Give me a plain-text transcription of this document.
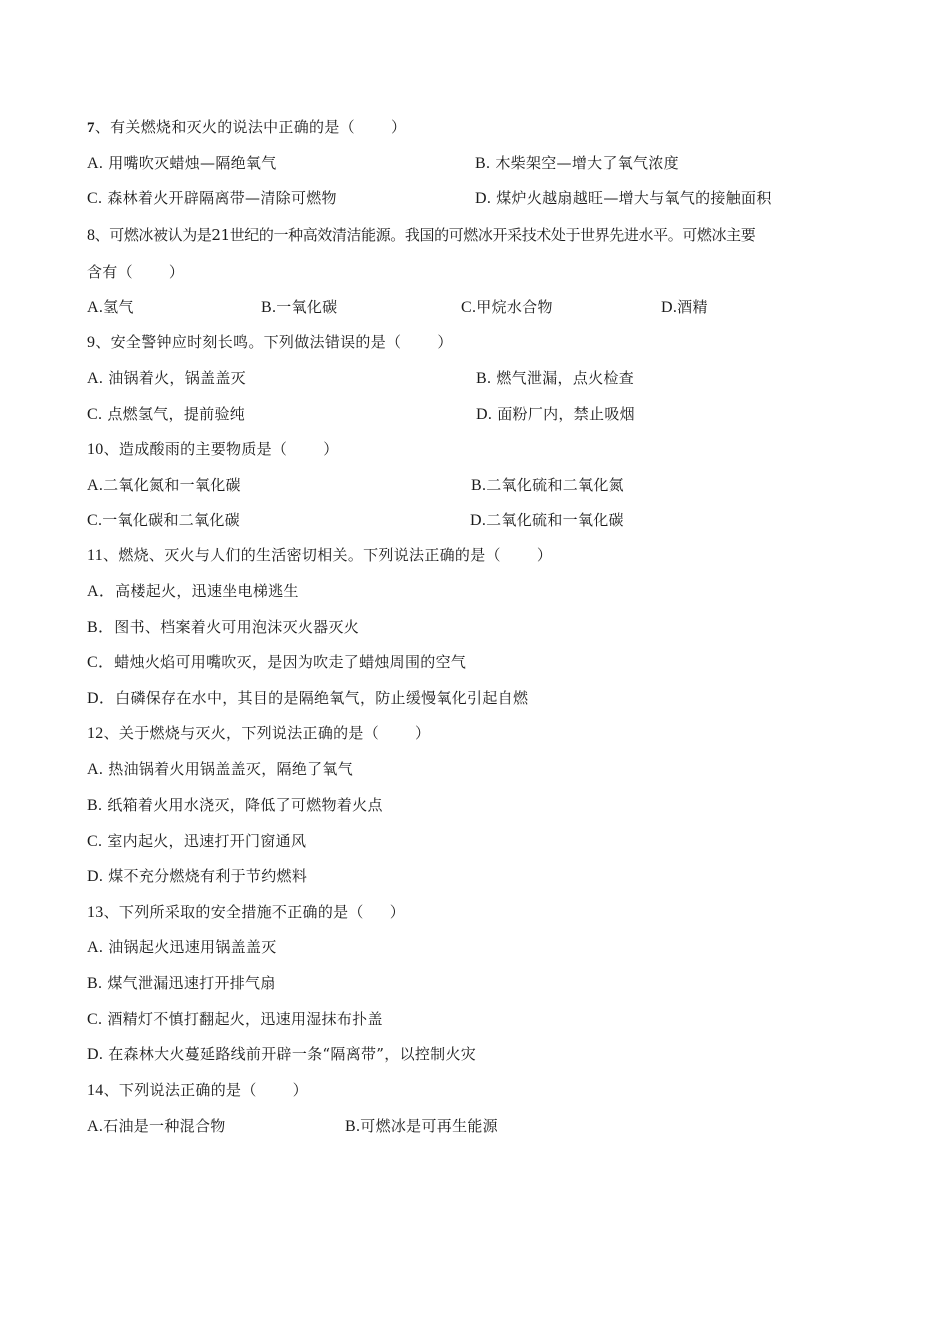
7、有关燃烧和灭火的说法中正确的是（ ）
A. 用嘴吹灭蜡烛—隔绝氧气	B. 木柴架空—增大了氧气浓度
C. 森林着火开辟隔离带—清除可燃物	D. 煤炉火越扇越旺—增大与氧气的接触面积
8、可燃冰被认为是21世纪的一种高效清洁能源。我国的可燃冰开采技术处于世界先进水平。可燃冰主要
含有（ ）
A.氢气	B.一氧化碳	C.甲烷水合物	D.酒精
9、安全警钟应时刻长鸣。下列做法错误的是（ ）
A. 油锅着火，锅盖盖灭	B. 燃气泄漏，点火检查
C. 点燃氢气，提前验纯	D. 面粉厂内，禁止吸烟
10、造成酸雨的主要物质是（ ）
A.二氧化氮和一氧化碳	B.二氧化硫和二氧化氮
C.一氧化碳和二氧化碳	D.二氧化硫和一氧化碳
11、燃烧、灭火与人们的生活密切相关。下列说法正确的是（ ）
A．高楼起火，迅速坐电梯逃生
B．图书、档案着火可用泡沫灭火器灭火
C．蜡烛火焰可用嘴吹灭，是因为吹走了蜡烛周围的空气
D．白磷保存在水中，其目的是隔绝氧气，防止缓慢氧化引起自燃
12、关于燃烧与灭火，下列说法正确的是（ ）
A. 热油锅着火用锅盖盖灭，隔绝了氧气
B. 纸箱着火用水浇灭，降低了可燃物着火点
C. 室内起火，迅速打开门窗通风
D. 煤不充分燃烧有利于节约燃料
13、下列所采取的安全措施不正确的是（ ）
A. 油锅起火迅速用锅盖盖灭
B. 煤气泄漏迅速打开排气扇
C. 酒精灯不慎打翻起火，迅速用湿抹布扑盖
D. 在森林大火蔓延路线前开辟一条“隔离带”，以控制火灾
14、下列说法正确的是（ ）
A.石油是一种混合物	B.可燃冰是可再生能源
